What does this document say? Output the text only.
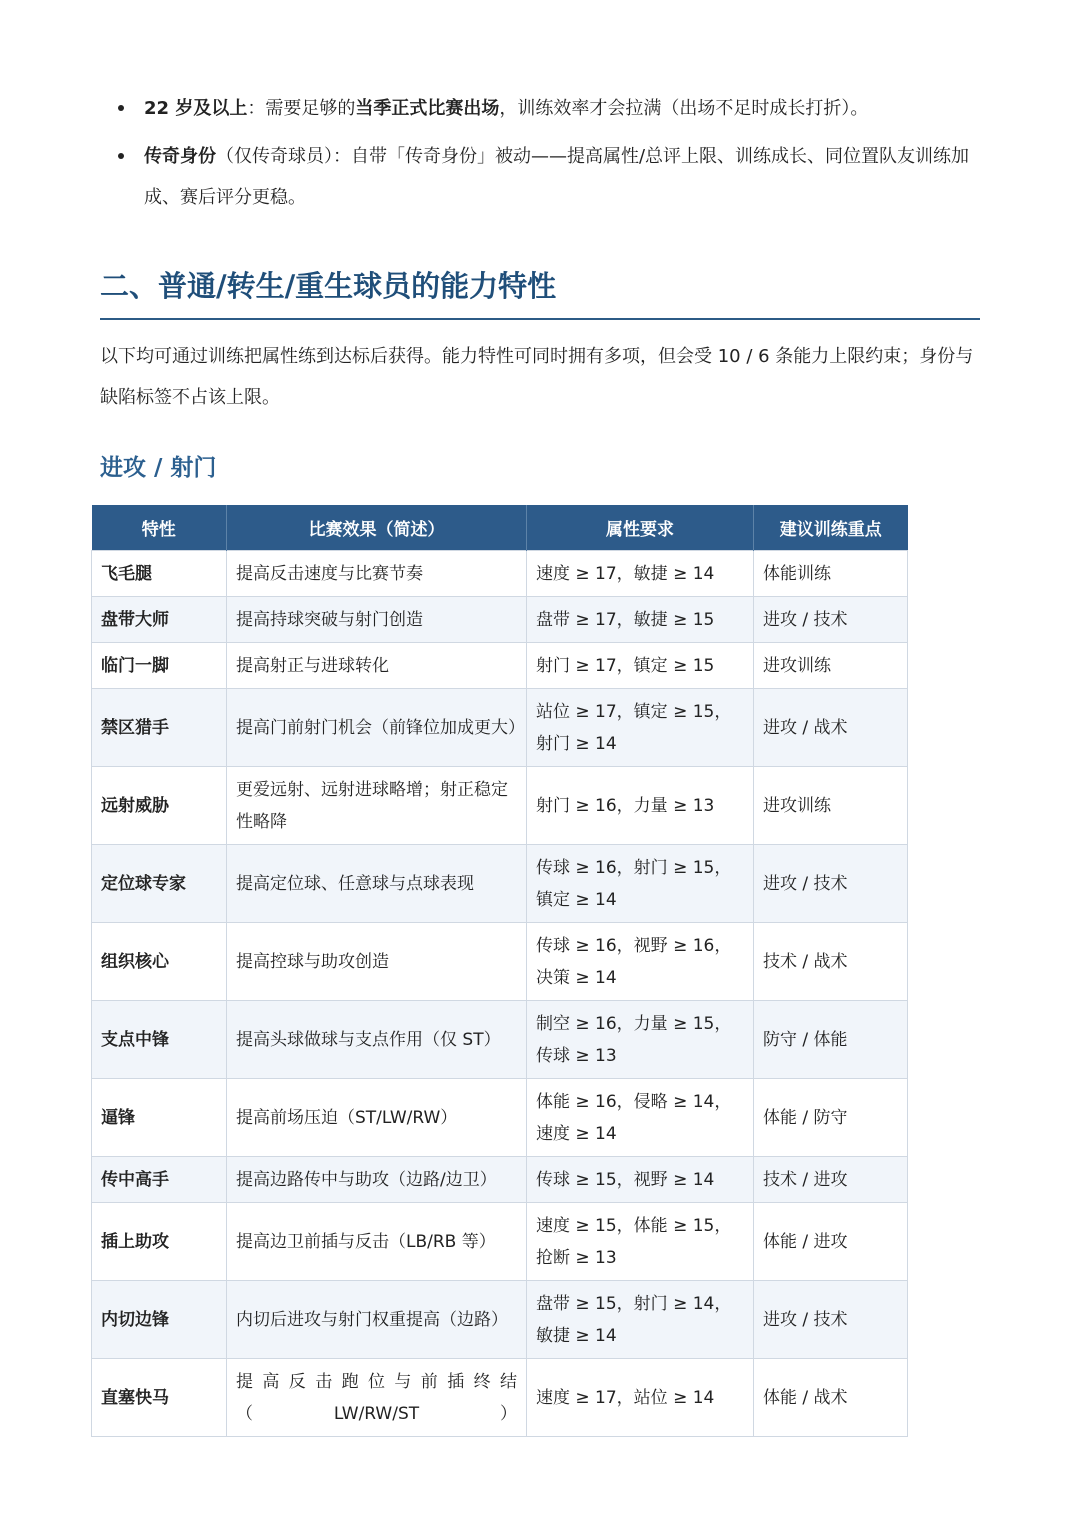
22 岁及以上：需要足够的当季正式比赛出场，训练效率才会拉满（出场不足时成长打折）。
传奇身份（仅传奇球员）：自带「传奇身份」被动——提高属性/总评上限、训练成长、同位置队友训练加成、赛后评分更稳。
二、普通/转生/重生球员的能力特性
以下均可通过训练把属性练到达标后获得。能力特性可同时拥有多项，但会受 10 / 6 条能力上限约束；身份与缺陷标签不占该上限。
进攻 / 射门
特性	比赛效果（简述）	属性要求	建议训练重点
飞毛腿	提高反击速度与比赛节奏	速度 ≥ 17，敏捷 ≥ 14	体能训练
盘带大师	提高持球突破与射门创造	盘带 ≥ 17，敏捷 ≥ 15	进攻 / 技术
临门一脚	提高射正与进球转化	射门 ≥ 17，镇定 ≥ 15	进攻训练
禁区猎手	提高门前射门机会（前锋位加成更大）	站位 ≥ 17，镇定 ≥ 15，射门 ≥ 14	进攻 / 战术
远射威胁	更爱远射、远射进球略增；射正稳定性略降	射门 ≥ 16，力量 ≥ 13	进攻训练
定位球专家	提高定位球、任意球与点球表现	传球 ≥ 16，射门 ≥ 15，镇定 ≥ 14	进攻 / 技术
组织核心	提高控球与助攻创造	传球 ≥ 16，视野 ≥ 16，决策 ≥ 14	技术 / 战术
支点中锋	提高头球做球与支点作用（仅 ST）	制空 ≥ 16，力量 ≥ 15，传球 ≥ 13	防守 / 体能
逼锋	提高前场压迫（ST/LW/RW）	体能 ≥ 16，侵略 ≥ 14，速度 ≥ 14	体能 / 防守
传中高手	提高边路传中与助攻（边路/边卫）	传球 ≥ 15，视野 ≥ 14	技术 / 进攻
插上助攻	提高边卫前插与反击（LB/RB 等）	速度 ≥ 15，体能 ≥ 15，抢断 ≥ 13	体能 / 进攻
内切边锋	内切后进攻与射门权重提高（边路）	盘带 ≥ 15，射门 ≥ 14，敏捷 ≥ 14	进攻 / 技术
直塞快马	提高反击跑位与前插终结（LW/RW/ST）	速度 ≥ 17，站位 ≥ 14	体能 / 战术
